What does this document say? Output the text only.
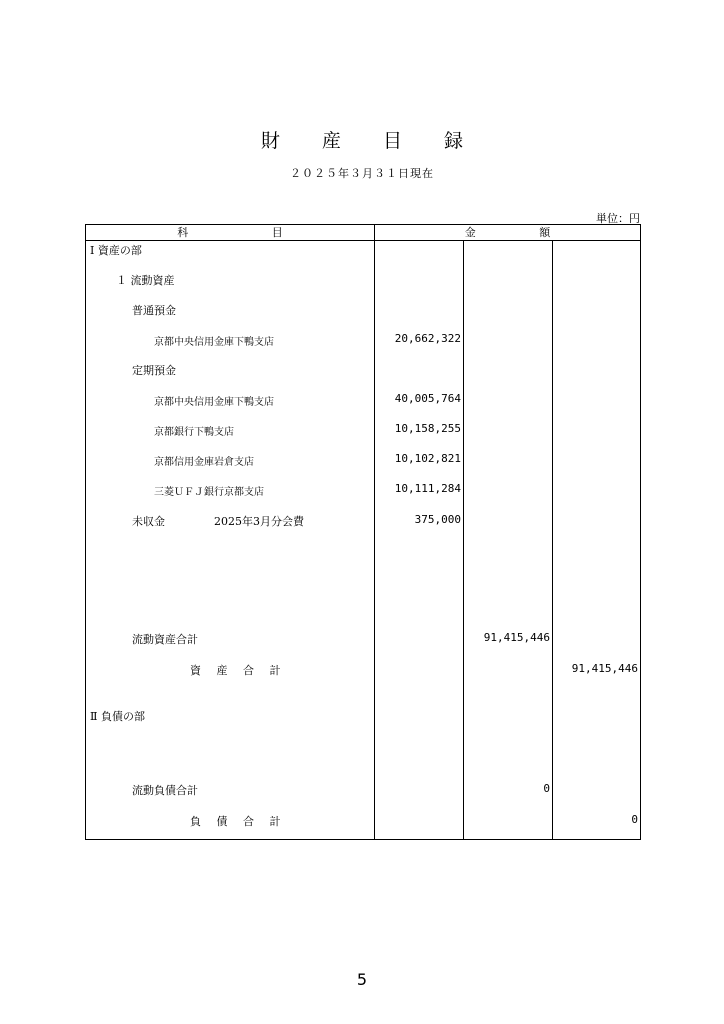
財 産 目 録
２０２５年３月３１日現在
単位：円
科 目	金 額
Ⅰ 資産の部
１ 流動資産
普通預金
京都中央信用金庫下鴨支店
定期預金
京都中央信用金庫下鴨支店
京都銀行下鴨支店
京都信用金庫岩倉支店
三菱ＵＦＪ銀行京都支店
未収金	2025年3月分会費
流動資産合計
資 産 合 計
Ⅱ 負債の部
流動負債合計
負 債 合 計
20,662,322
40,005,764
10,158,255
10,102,821
10,111,284
375,000
91,415,446
0
91,415,446
0
5
